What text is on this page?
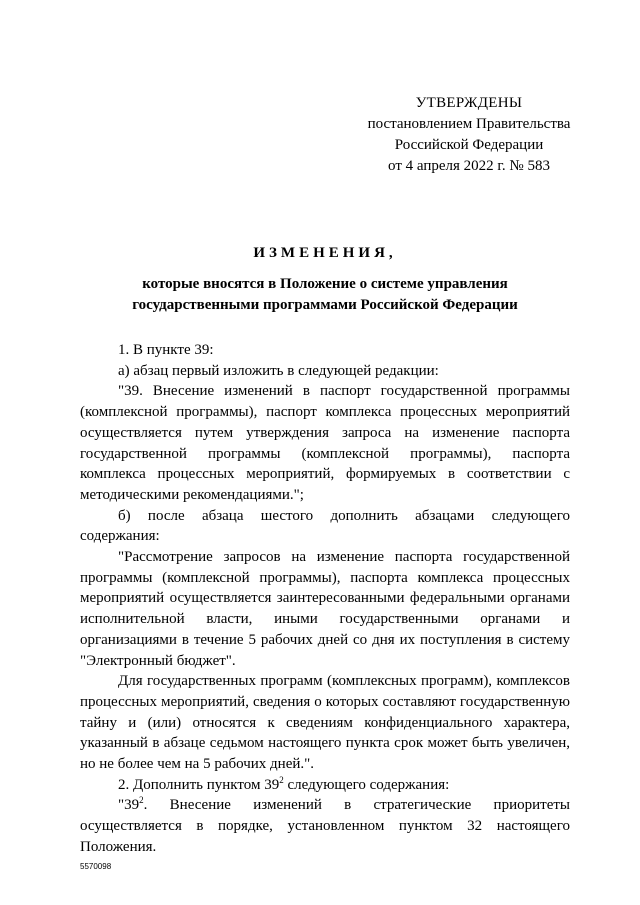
УТВЕРЖДЕНЫ
постановлением Правительства
Российской Федерации
от 4 апреля 2022 г. № 583
ИЗМЕНЕНИЯ,
которые вносятся в Положение о системе управления
государственными программами Российской Федерации

1. В пункте 39:

а) абзац первый изложить в следующей редакции:

"39. Внесение изменений в паспорт государственной программы (комплексной программы), паспорт комплекса процессных мероприятий осуществляется путем утверждения запроса на изменение паспорта государственной программы (комплексной программы), паспорта комплекса процессных мероприятий, формируемых в соответствии с методическими рекомендациями.";

б) после абзаца шестого дополнить абзацами следующего содержания:

"Рассмотрение запросов на изменение паспорта государственной программы (комплексной программы), паспорта комплекса процессных мероприятий осуществляется заинтересованными федеральными органами исполнительной власти, иными государственными органами и организациями в течение 5 рабочих дней со дня их поступления в систему "Электронный бюджет".

Для государственных программ (комплексных программ), комплексов процессных мероприятий, сведения о которых составляют государственную тайну и (или) относятся к сведениям конфиденциального характера, указанный в абзаце седьмом настоящего пункта срок может быть увеличен, но не более чем на 5 рабочих дней.".

2. Дополнить пунктом $39^2$ следующего содержания:

"$39^2$. Внесение изменений в стратегические приоритеты осуществляется в порядке, установленном пунктом 32 настоящего Положения.

5570098
